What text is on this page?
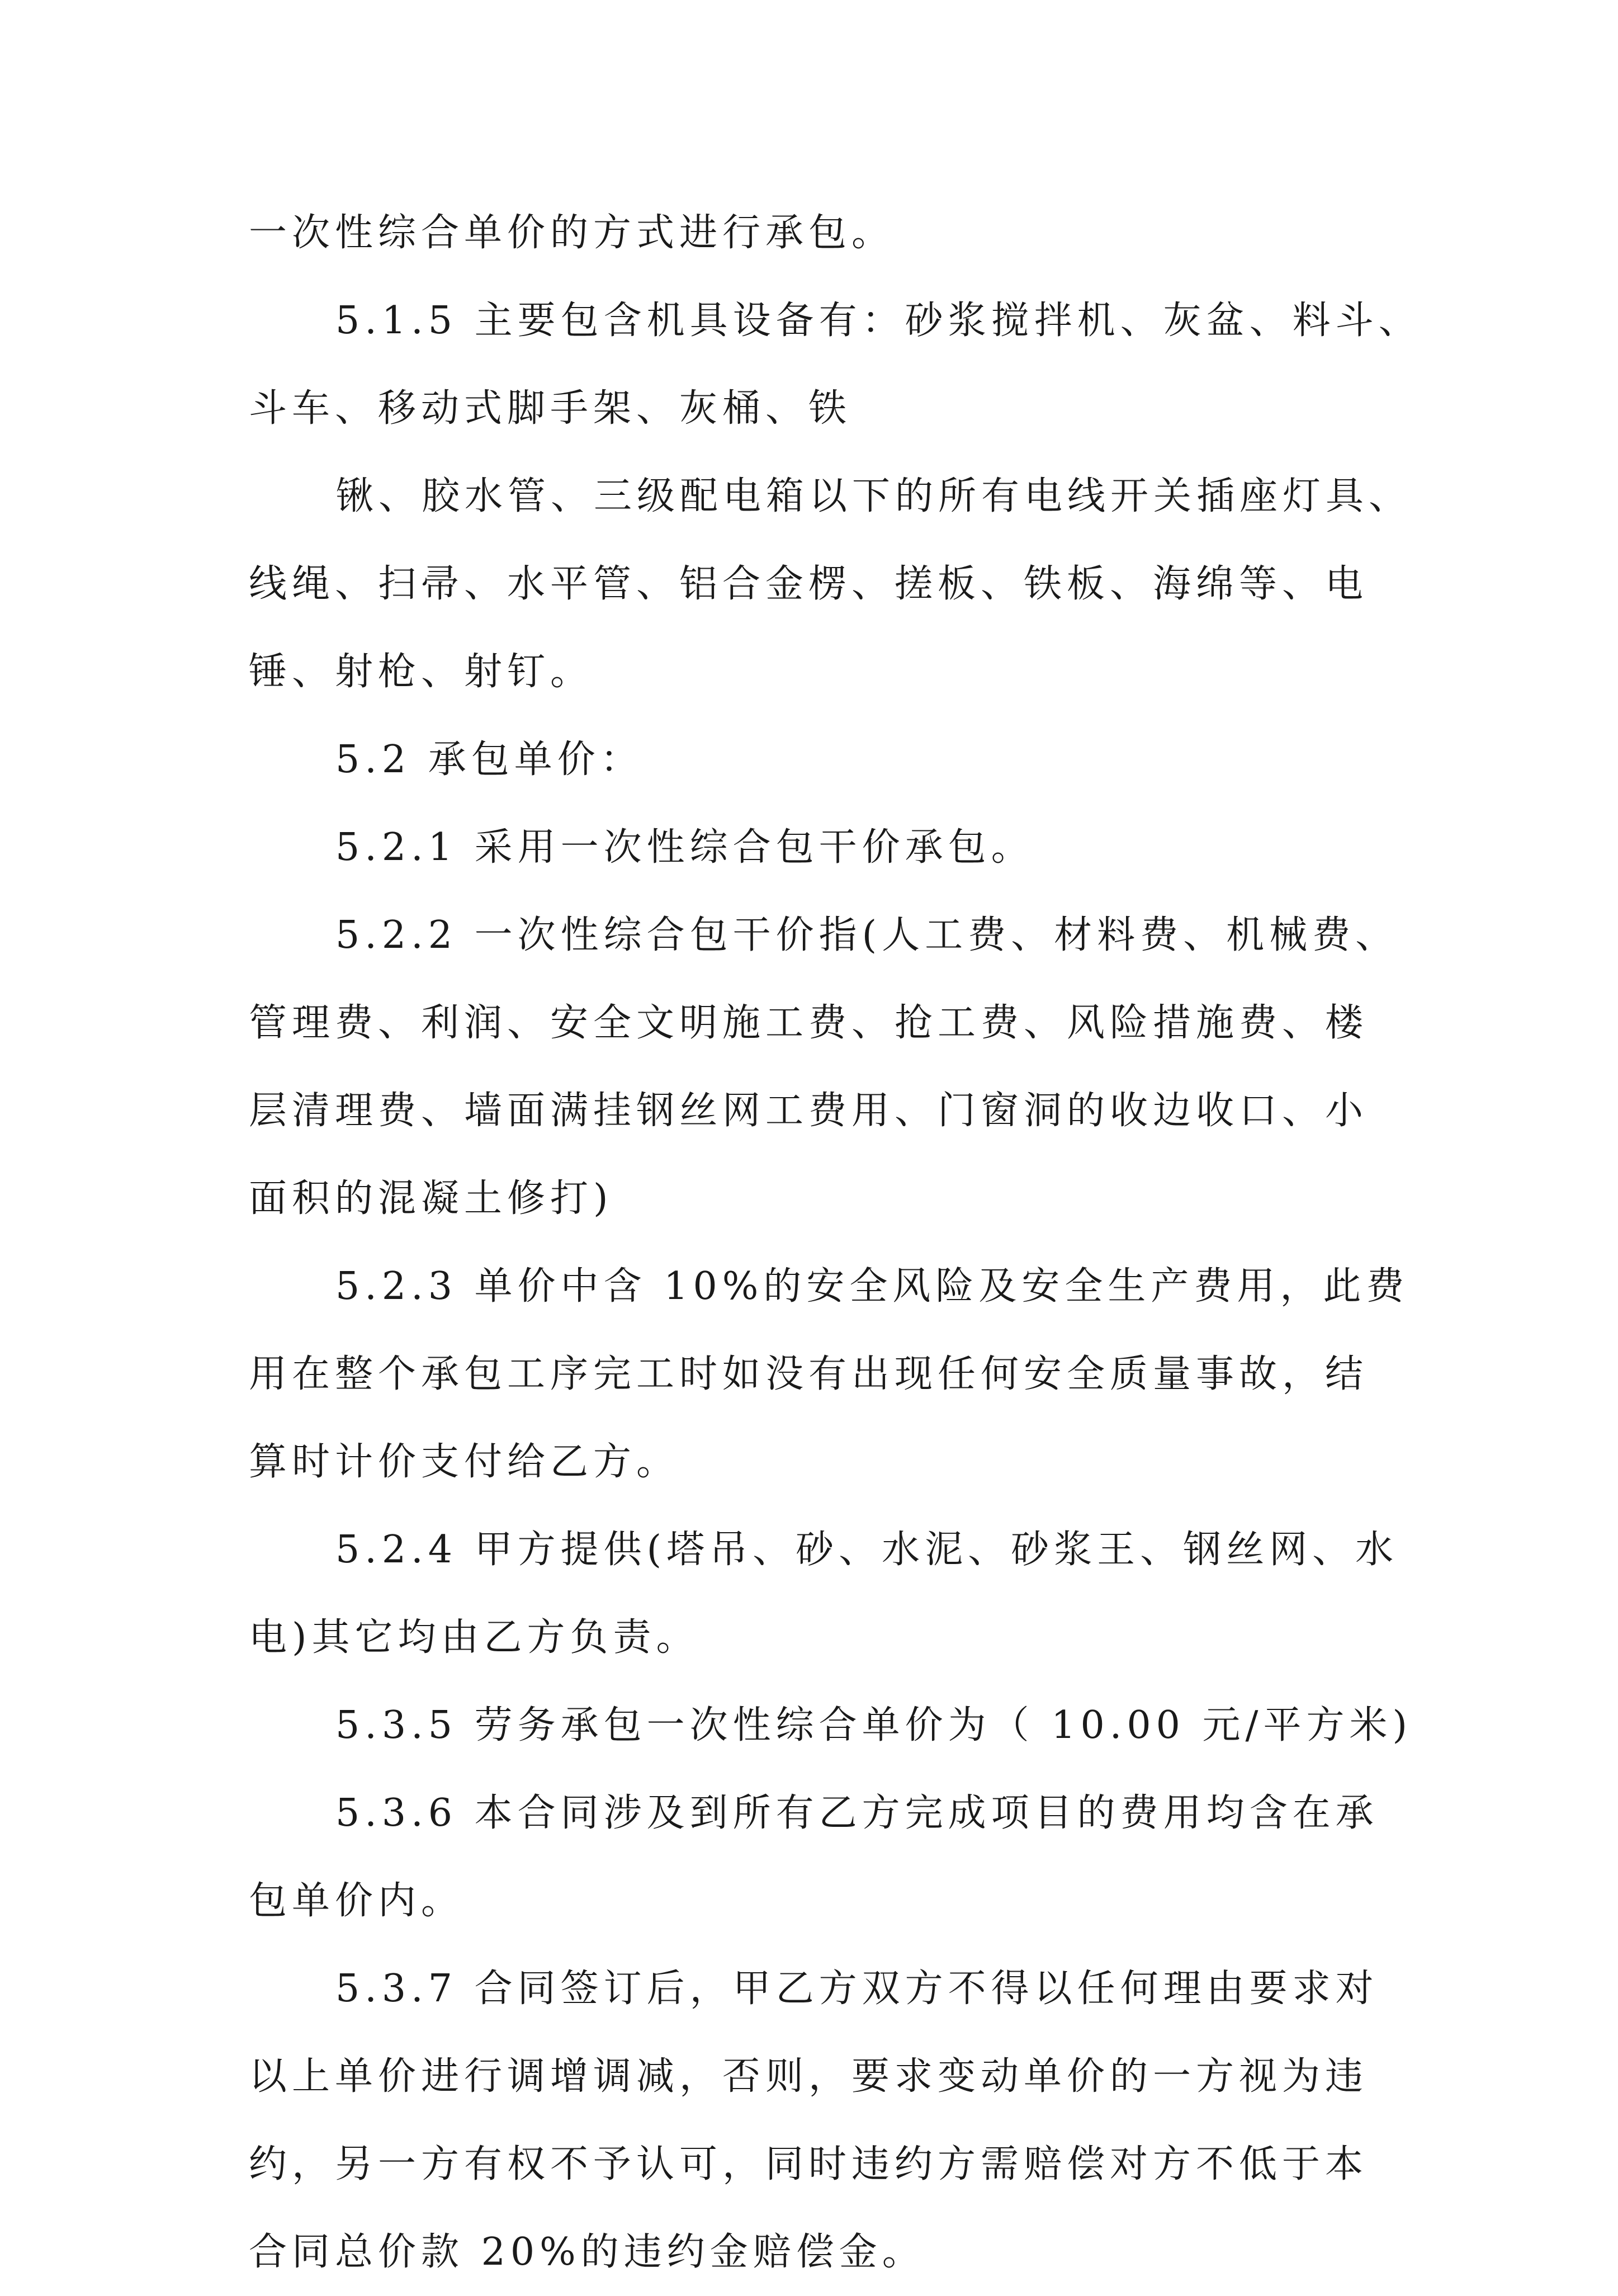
一次性综合单价的方式进行承包。
5.1.5 主要包含机具设备有：砂浆搅拌机、灰盆、料斗、
斗车、移动式脚手架、灰桶、铁
锹、胶水管、三级配电箱以下的所有电线开关插座灯具、
线绳、扫帚、水平管、铝合金楞、搓板、铁板、海绵等、电
锤、射枪、射钉。
5.2 承包单价：
5.2.1 采用一次性综合包干价承包。
5.2.2 一次性综合包干价指(人工费、材料费、机械费、
管理费、利润、安全文明施工费、抢工费、风险措施费、楼
层清理费、墙面满挂钢丝网工费用、门窗洞的收边收口、小
面积的混凝土修打)
5.2.3 单价中含 10%的安全风险及安全生产费用，此费
用在整个承包工序完工时如没有出现任何安全质量事故，结
算时计价支付给乙方。
5.2.4 甲方提供(塔吊、砂、水泥、砂浆王、钢丝网、水
电)其它均由乙方负责。
5.3.5 劳务承包一次性综合单价为（ 10.00 元/平方米)
5.3.6 本合同涉及到所有乙方完成项目的费用均含在承
包单价内。
5.3.7 合同签订后，甲乙方双方不得以任何理由要求对
以上单价进行调增调减，否则，要求变动单价的一方视为违
约，另一方有权不予认可，同时违约方需赔偿对方不低于本
合同总价款 20%的违约金赔偿金。
